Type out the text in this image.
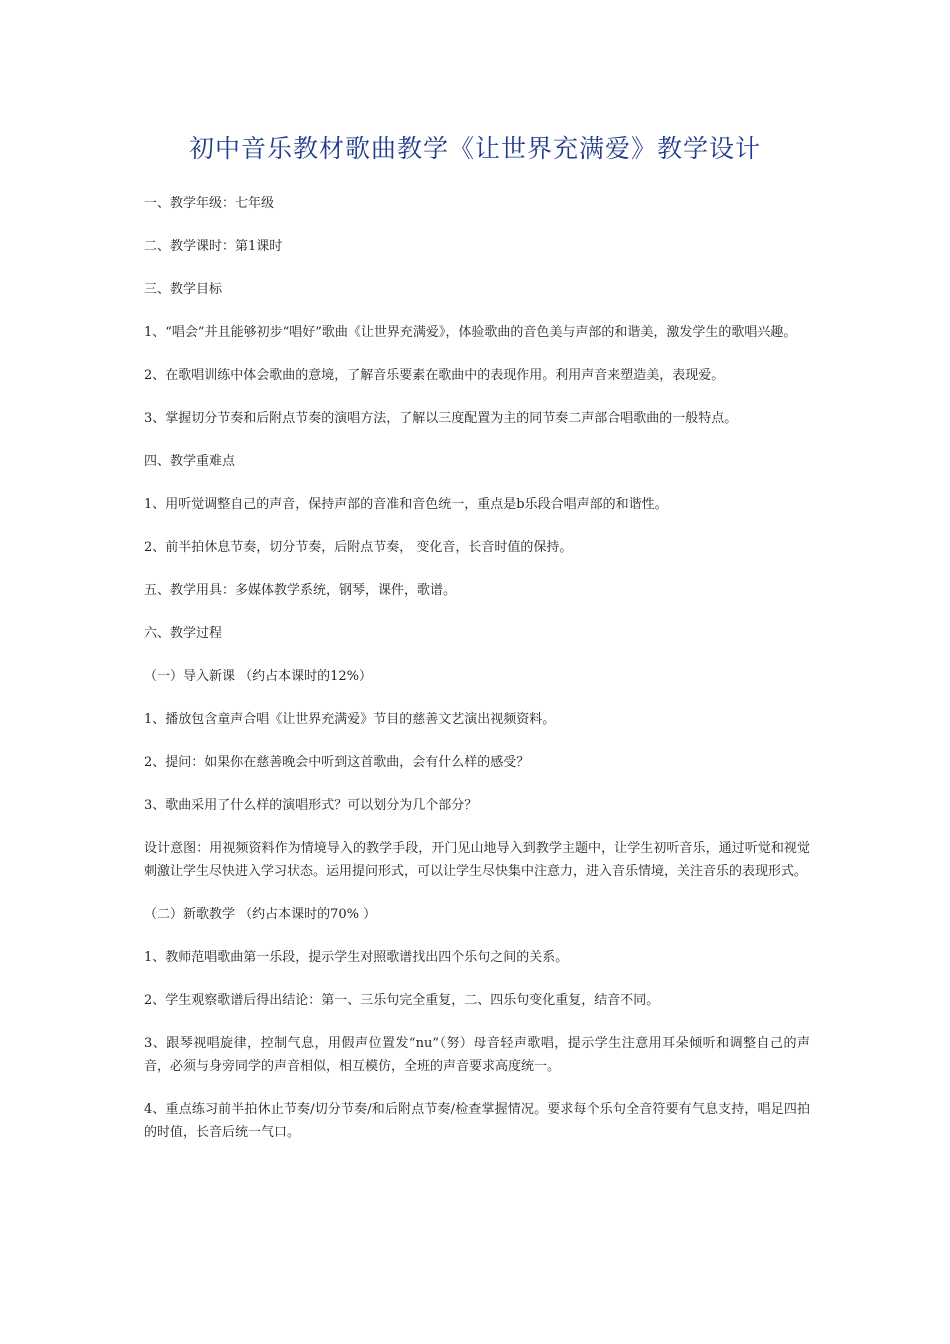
初中音乐教材歌曲教学《让世界充满爱》教学设计

一、教学年级：七年级

二、教学课时：第1课时

三、教学目标

1、“唱会”并且能够初步“唱好”歌曲《让世界充满爱》，体验歌曲的音色美与声部的和谐美，激发学生的歌唱兴趣。

2、在歌唱训练中体会歌曲的意境，了解音乐要素在歌曲中的表现作用。利用声音来塑造美，表现爱。

3、掌握切分节奏和后附点节奏的演唱方法，了解以三度配置为主的同节奏二声部合唱歌曲的一般特点。

四、教学重难点

1、用听觉调整自己的声音，保持声部的音准和音色统一，重点是b乐段合唱声部的和谐性。

2、前半拍休息节奏，切分节奏，后附点节奏， 变化音，长音时值的保持。

五、教学用具：多媒体教学系统，钢琴，课件，歌谱。

六、教学过程

（一）导入新课 （约占本课时的12%）

1、播放包含童声合唱《让世界充满爱》节目的慈善文艺演出视频资料。

2、提问：如果你在慈善晚会中听到这首歌曲，会有什么样的感受？

3、歌曲采用了什么样的演唱形式？可以划分为几个部分？

设计意图：用视频资料作为情境导入的教学手段，开门见山地导入到教学主题中，让学生初听音乐，通过听觉和视觉刺激让学生尽快进入学习状态。运用提问形式，可以让学生尽快集中注意力，进入音乐情境，关注音乐的表现形式。

（二）新歌教学 （约占本课时的70% ）

1、教师范唱歌曲第一乐段，提示学生对照歌谱找出四个乐句之间的关系。

2、学生观察歌谱后得出结论：第一、三乐句完全重复，二、四乐句变化重复，结音不同。

3、跟琴视唱旋律，控制气息，用假声位置发“nu”（努）母音轻声歌唱，提示学生注意用耳朵倾听和调整自己的声音，必须与身旁同学的声音相似，相互模仿，全班的声音要求高度统一。

4、重点练习前半拍休止节奏/切分节奏/和后附点节奏/检查掌握情况。要求每个乐句全音符要有气息支持，唱足四拍的时值，长音后统一气口。
